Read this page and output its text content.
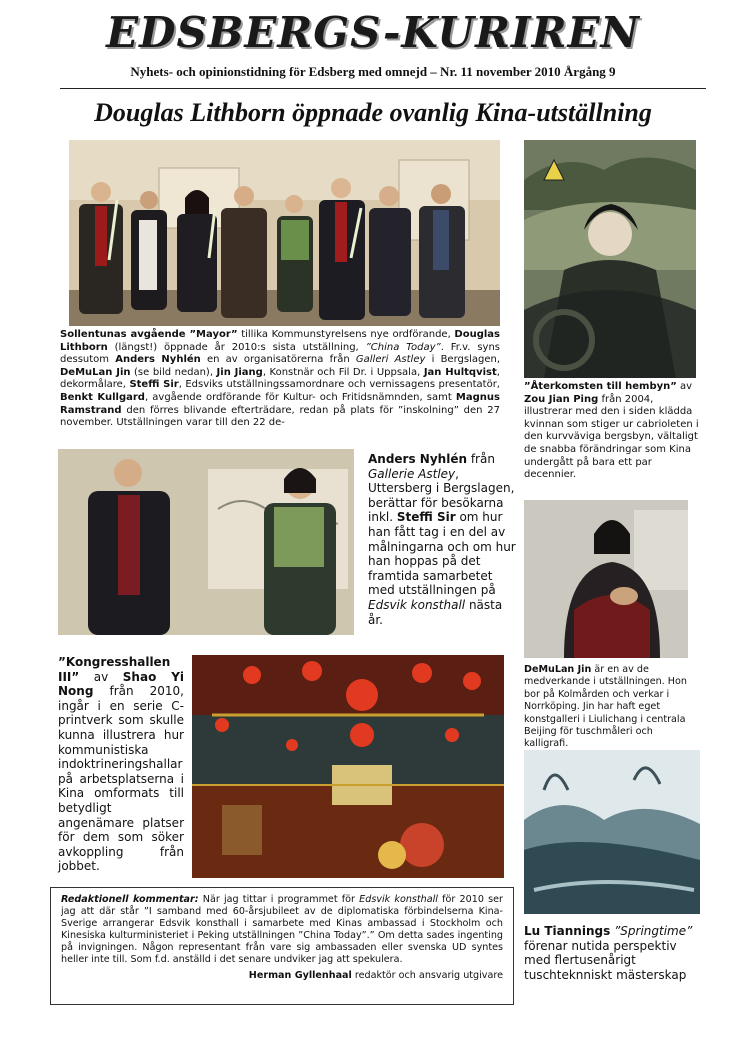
EDSBERGS-KURIREN
Nyhets- och opinionstidning för Edsberg med omnejd – Nr. 11 november 2010 Årgång 9
Douglas Lithborn öppnade ovanlig Kina-utställning
Sollentunas avgående ”Mayor” tillika Kommunstyrelsens nye ordförande, Douglas Lithborn (längst!) öppnade år 2010:s sista utställning, ”China Today”. Fr.v. syns dessutom Anders Nyhlén en av organisatörerna från Galleri Astley i Bergslagen, DeMuLan Jin (se bild nedan), Jin Jiang, Konstnär och Fil Dr. i Uppsala, Jan Hultqvist, dekormålare, Steffi Sir, Edsviks utställningssamordnare och vernissagens presentatör, Benkt Kullgard, avgående ordförande för Kultur- och Fritidsnämnden, samt Magnus Ramstrand den förres blivande efterträdare, redan på plats för ”inskolning” den 27 november. Utställningen varar till den 22 de-
”Återkomsten till hembyn” av Zou Jian Ping från 2004, illustrerar med den i siden klädda kvinnan som stiger ur cabrioleten i den kurvväviga bergsbyn, vältaligt de snabba förändringar som Kina undergått på bara ett par decennier.
Anders Nyhlén från Gallerie Astley, Uttersberg i Bergslagen, berättar för besökarna inkl. Steffi Sir om hur han fått tag i en del av målningarna och om hur han hoppas på det framtida samarbetet med utställningen på Edsvik konsthall nästa år.
DeMuLan Jin är en av de medverkande i utställningen. Hon bor på Kolmården och verkar i Norrköping. Jin har haft eget konstgalleri i Liulichang i centrala Beijing för tuschmåleri och kalligrafi.
”Kongresshallen III” av Shao Yi Nong från 2010, ingår i en serie C-printverk som skulle kunna illustrera hur kommunistiska indoktrineringshallar på arbetsplatserna i Kina omformats till betydligt angenämare platser för dem som söker avkoppling från jobbet.
Lu Tiannings ”Springtime” förenar nutida perspektiv med flertusenårigt tuschteknniskt mästerskap
Redaktionell kommentar: När jag tittar i programmet för Edsvik konsthall för 2010 ser jag att där står ”I samband med 60-årsjubileet av de diplomatiska förbindelserna Kina-Sverige arrangerar Edsvik konsthall i samarbete med Kinas ambassad i Stockholm och Kinesiska kulturministeriet i Peking utställningen ”China Today”.” Om detta sades ingenting på invigningen. Någon representant från vare sig ambassaden eller svenska UD syntes heller inte till. Som f.d. anställd i det senare undviker jag att spekulera.
Herman Gyllenhaal redaktör och ansvarig utgivare
